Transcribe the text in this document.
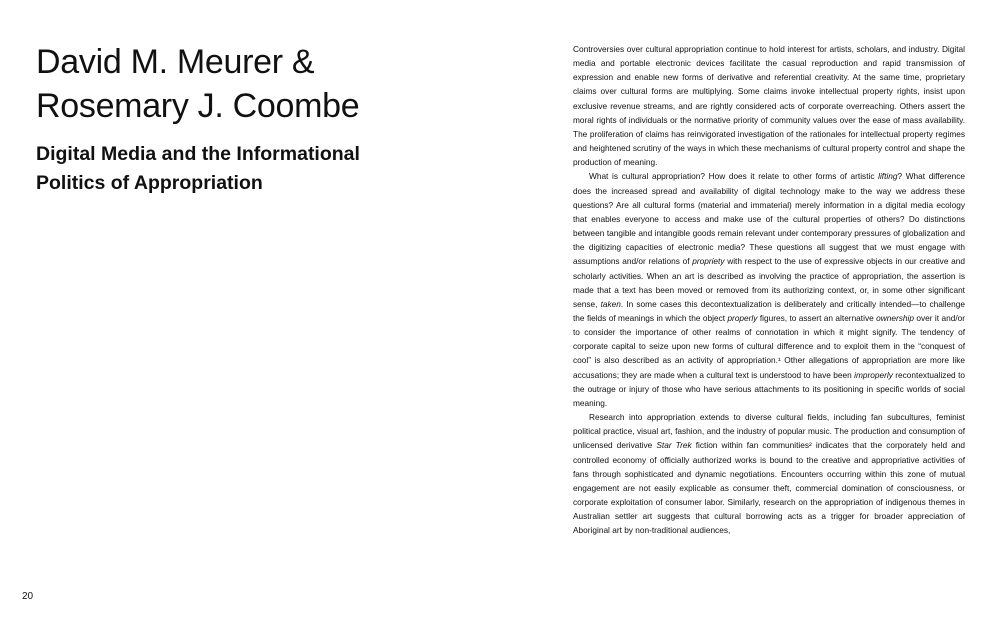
David M. Meurer &
Rosemary J. Coombe
Digital Media and the Informational
Politics of Appropriation
20

Controversies over cultural appropriation continue to hold interest for artists, scholars, and industry. Digital media and portable electronic devices facilitate the casual reproduction and rapid transmission of expression and enable new forms of derivative and referential creativity. At the same time, proprietary claims over cultural forms are multiplying. Some claims invoke intellectual property rights, insist upon exclusive revenue streams, and are rightly considered acts of corporate overreaching. Others assert the moral rights of individuals or the normative priority of community values over the ease of mass availability. The proliferation of claims has reinvigorated investigation of the rationales for intellectual property regimes and heightened scrutiny of the ways in which these mechanisms of cultural property control and shape the production of meaning.

What is cultural appropriation? How does it relate to other forms of artistic lifting? What difference does the increased spread and availability of digital technology make to the way we address these questions? Are all cultural forms (material and immaterial) merely information in a digital media ecology that enables everyone to access and make use of the cultural properties of others? Do distinctions between tangible and intangible goods remain relevant under contemporary pressures of globalization and the digitizing capacities of electronic media? These questions all suggest that we must engage with assumptions and/or relations of propriety with respect to the use of expressive objects in our creative and scholarly activities. When an art is described as involving the practice of appropriation, the assertion is made that a text has been moved or removed from its authorizing context, or, in some other significant sense, taken. In some cases this decontextualization is deliberately and critically intended—to challenge the fields of meanings in which the object properly figures, to assert an alternative ownership over it and/or to consider the importance of other realms of connotation in which it might signify. The tendency of corporate capital to seize upon new forms of cultural difference and to exploit them in the “conquest of cool” is also described as an activity of appropriation.¹ Other allegations of appropriation are more like accusations; they are made when a cultural text is understood to have been improperly recontextualized to the outrage or injury of those who have serious attachments to its positioning in specific worlds of social meaning.

Research into appropriation extends to diverse cultural fields, including fan subcultures, feminist political practice, visual art, fashion, and the industry of popular music. The production and consumption of unlicensed derivative Star Trek fiction within fan communities² indicates that the corporately held and controlled economy of officially authorized works is bound to the creative and appropriative activities of fans through sophisticated and dynamic negotiations. Encounters occurring within this zone of mutual engagement are not easily explicable as consumer theft, commercial domination of consciousness, or corporate exploitation of consumer labor. Similarly, research on the appropriation of indigenous themes in Australian settler art suggests that cultural borrowing acts as a trigger for broader appreciation of Aboriginal art by non-traditional audiences,
